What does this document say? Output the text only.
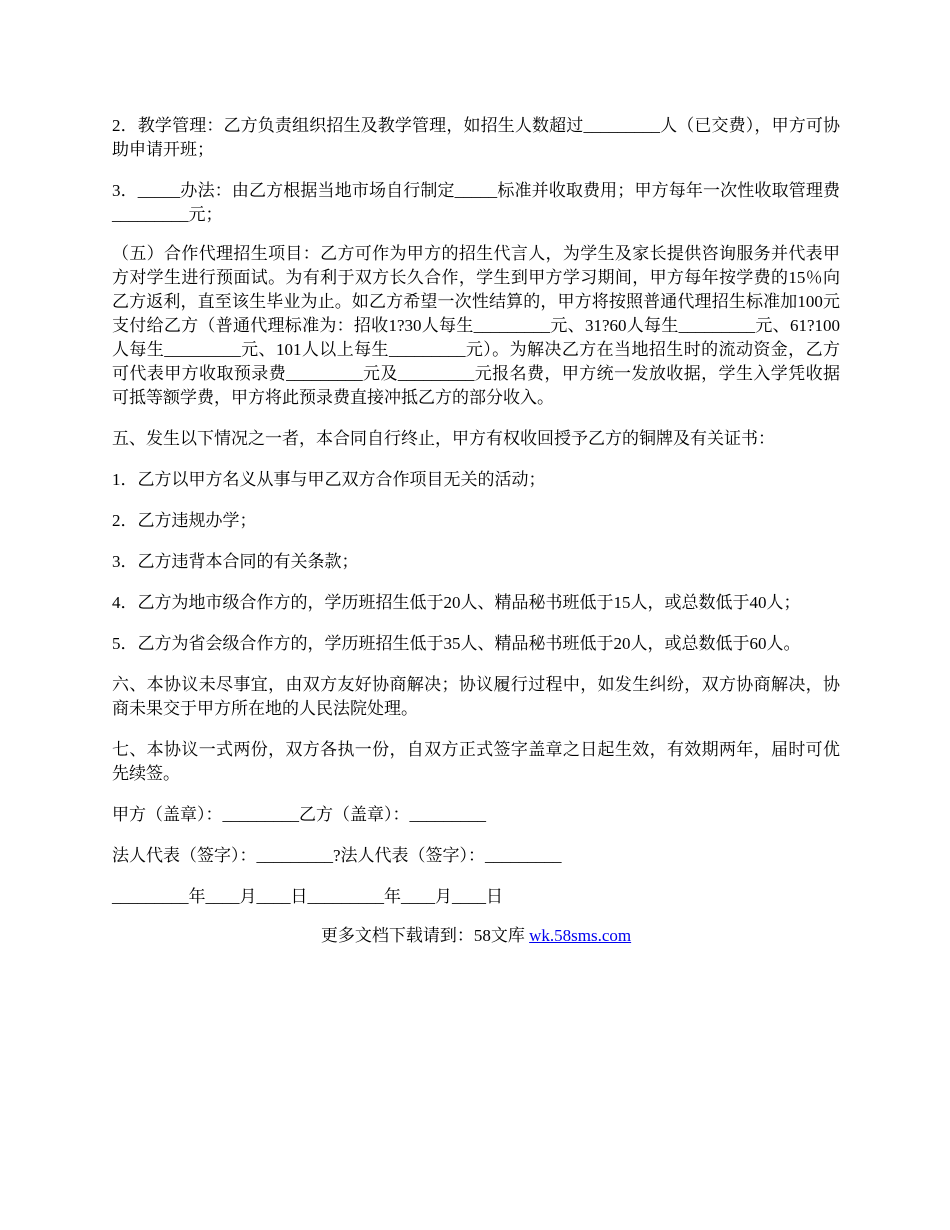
2．教学管理：乙方负责组织招生及教学管理，如招生人数超过_________人（已交费），甲方可协助申请开班；

3．_____办法：由乙方根据当地市场自行制定_____标准并收取费用；甲方每年一次性收取管理费_________元；

（五）合作代理招生项目：乙方可作为甲方的招生代言人，为学生及家长提供咨询服务并代表甲方对学生进行预面试。为有利于双方长久合作，学生到甲方学习期间，甲方每年按学费的15％向乙方返利，直至该生毕业为止。如乙方希望一次性结算的，甲方将按照普通代理招生标准加100元支付给乙方（普通代理标准为：招收1?30人每生_________元、31?60人每生_________元、61?100人每生_________元、101人以上每生_________元）。为解决乙方在当地招生时的流动资金，乙方可代表甲方收取预录费_________元及_________元报名费，甲方统一发放收据，学生入学凭收据可抵等额学费，甲方将此预录费直接冲抵乙方的部分收入。

五、发生以下情况之一者，本合同自行终止，甲方有权收回授予乙方的铜牌及有关证书：

1．乙方以甲方名义从事与甲乙双方合作项目无关的活动；

2．乙方违规办学；

3．乙方违背本合同的有关条款；

4．乙方为地市级合作方的，学历班招生低于20人、精品秘书班低于15人，或总数低于40人；

5．乙方为省会级合作方的，学历班招生低于35人、精品秘书班低于20人，或总数低于60人。

六、本协议未尽事宜，由双方友好协商解决；协议履行过程中，如发生纠纷，双方协商解决，协商未果交于甲方所在地的人民法院处理。

七、本协议一式两份，双方各执一份，自双方正式签字盖章之日起生效，有效期两年，届时可优先续签。

甲方（盖章）：_________乙方（盖章）：_________

法人代表（签字）：_________?法人代表（签字）：_________

_________年____月____日_________年____月____日

更多文档下载请到：58文库 wk.58sms.com
